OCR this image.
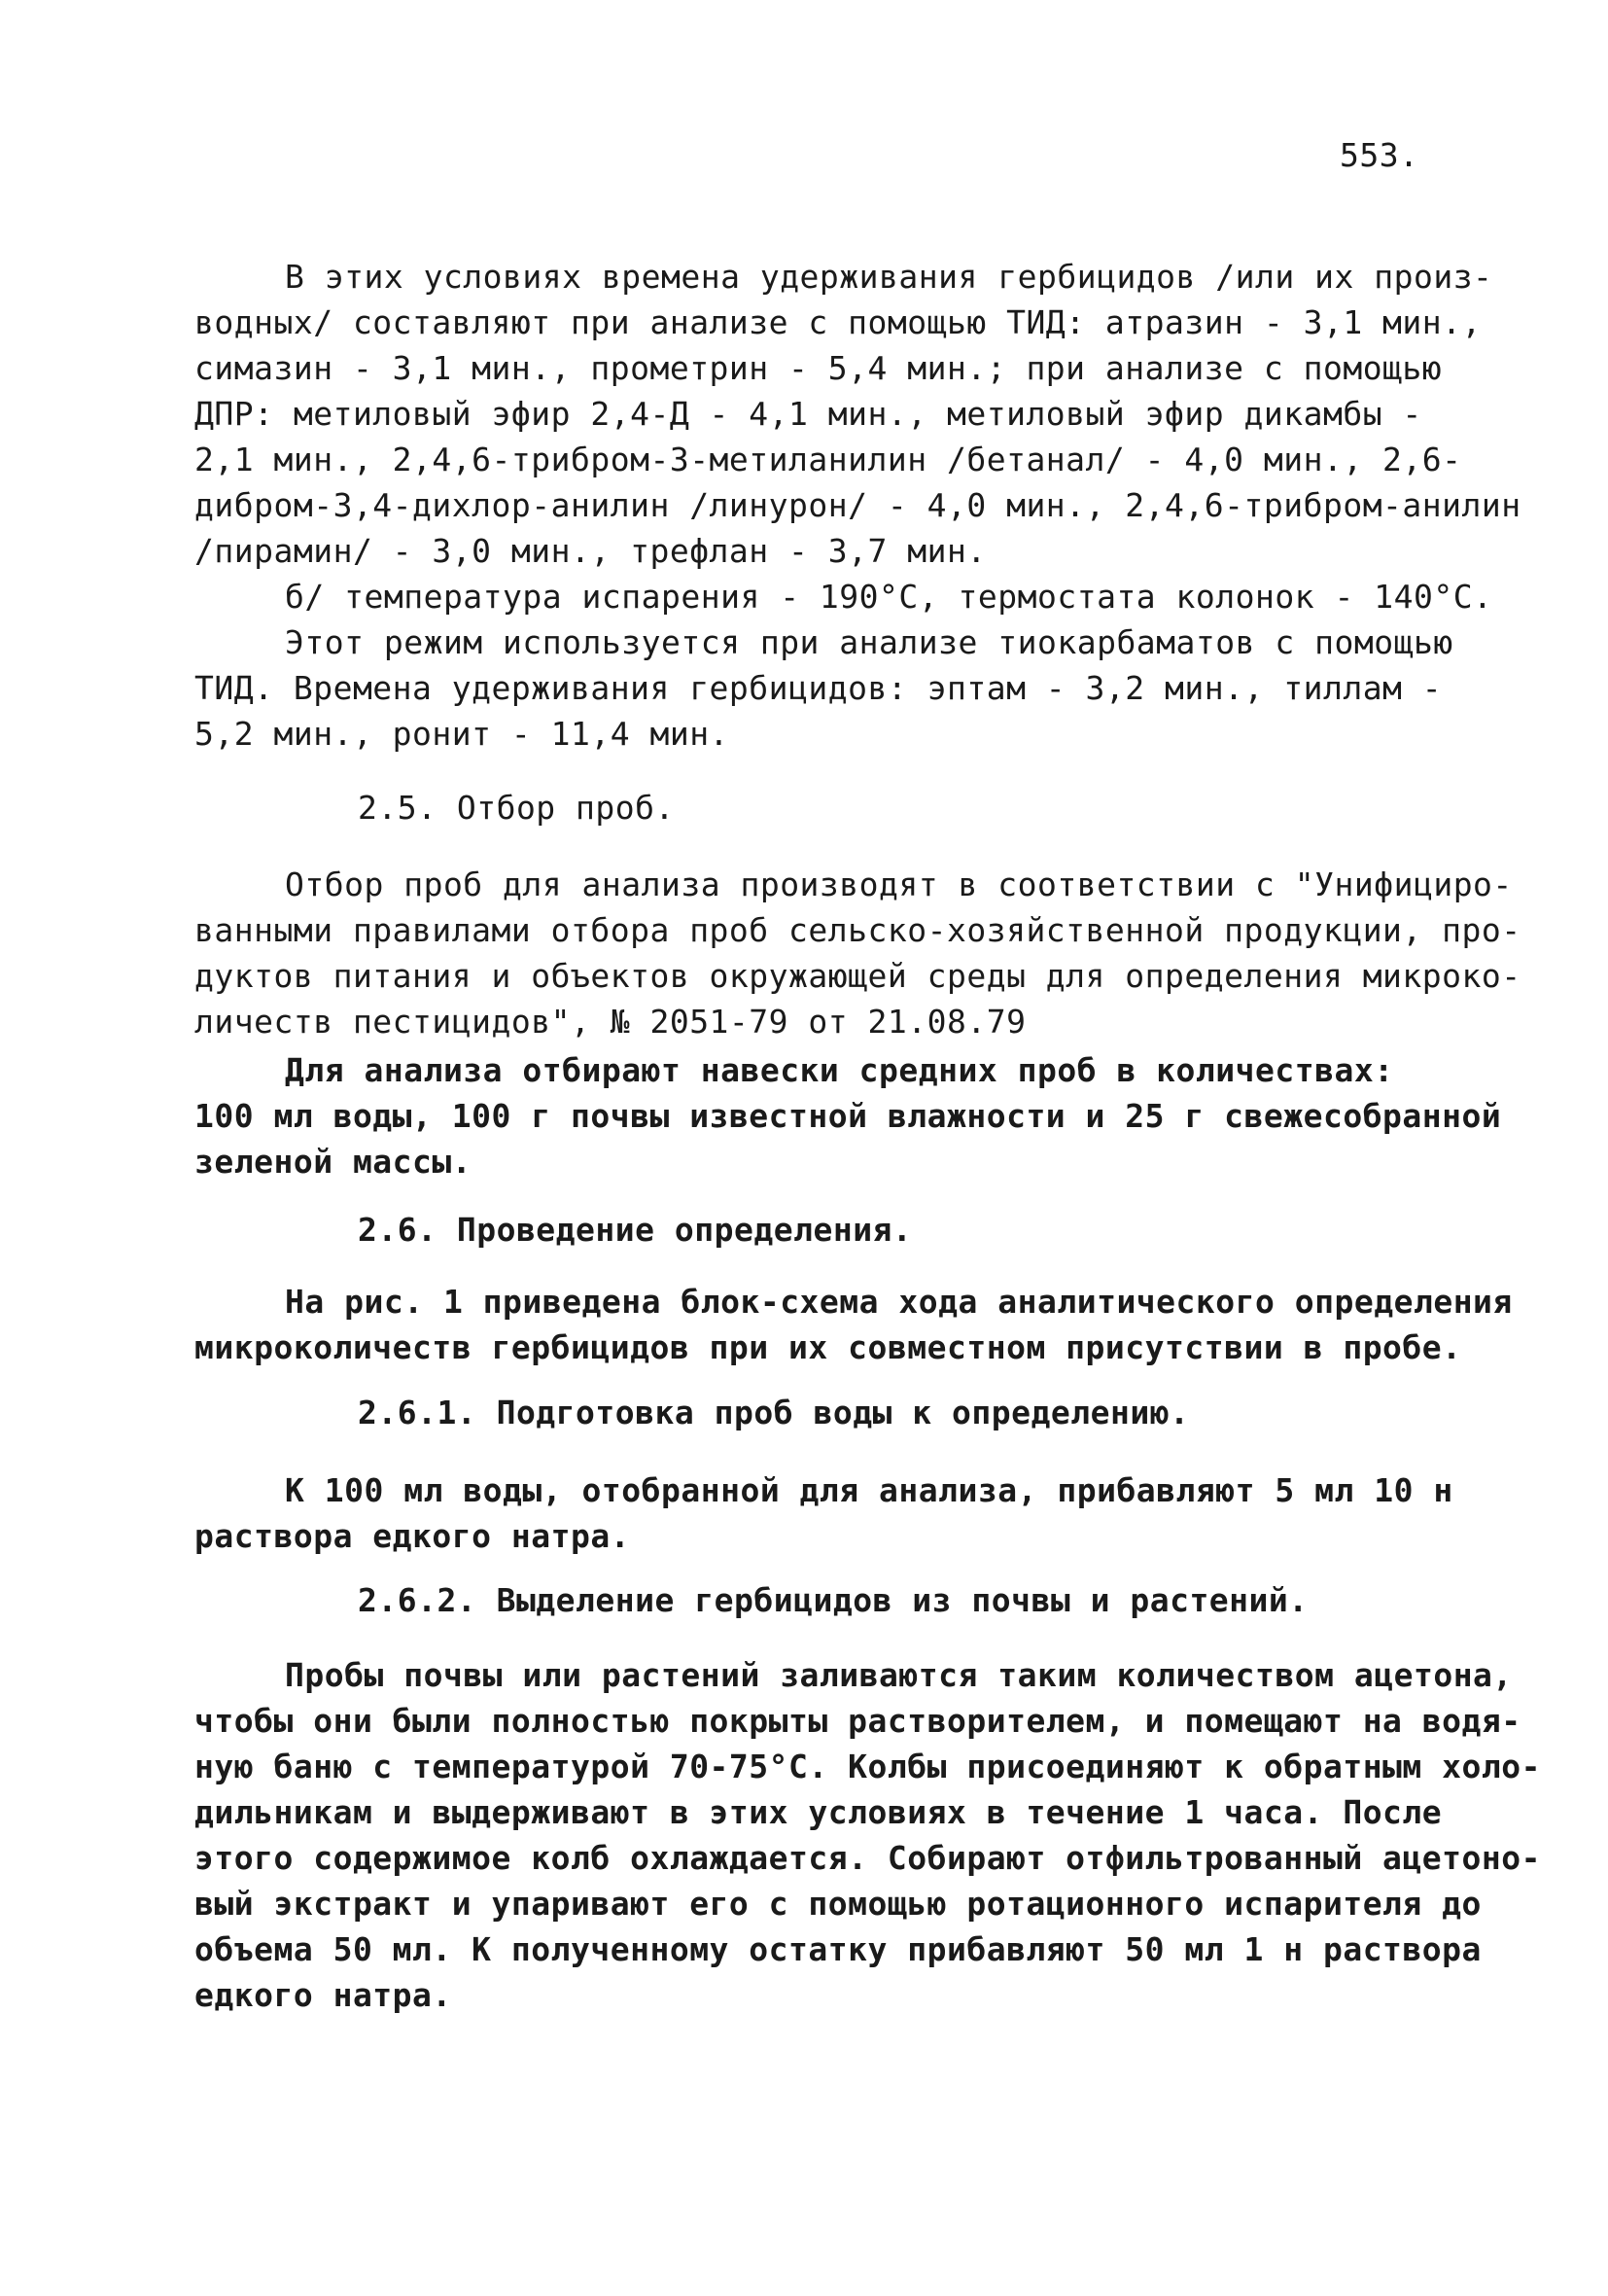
553.
В этих условиях времена удерживания гербицидов /или их произ-
водных/ составляют при анализе с помощью ТИД: атразин - 3,1 мин.,
симазин - 3,1 мин., прометрин - 5,4 мин.; при анализе с помощью
ДПР: метиловый эфир 2,4-Д - 4,1 мин., метиловый эфир дикамбы -
2,1 мин., 2,4,6-трибром-3-метиланилин /бетанал/ - 4,0 мин., 2,6-
дибром-3,4-дихлор-анилин /линурон/ - 4,0 мин., 2,4,6-трибром-анилин
/пирамин/ - 3,0 мин., трефлан - 3,7 мин.
б/ температура испарения - 190°С, термостата колонок - 140°С.
Этот режим используется при анализе тиокарбаматов с помощью
ТИД. Времена удерживания гербицидов: эптам - 3,2 мин., тиллам -
5,2 мин., ронит - 11,4 мин.
2.5. Отбор проб.
Отбор проб для анализа производят в соответствии с "Унифициро-
ванными правилами отбора проб сельско-хозяйственной продукции, про-
дуктов питания и объектов окружающей среды для определения микроко-
личеств пестицидов", № 2051-79 от 21.08.79
Для анализа отбирают навески средних проб в количествах:
100 мл воды, 100 г почвы известной влажности и 25 г свежесобранной
зеленой массы.
2.6. Проведение определения.
На рис. 1 приведена блок-схема хода аналитического определения
микроколичеств гербицидов при их совместном присутствии в пробе.
2.6.1. Подготовка проб воды к определению.
К 100 мл воды, отобранной для анализа, прибавляют 5 мл 10 н
раствора едкого натра.
2.6.2. Выделение гербицидов из почвы и растений.
Пробы почвы или растений заливаются таким количеством ацетона,
чтобы они были полностью покрыты растворителем, и помещают на водя-
ную баню с температурой 70-75°С. Колбы присоединяют к обратным холо-
дильникам и выдерживают в этих условиях в течение 1 часа. После
этого содержимое колб охлаждается. Собирают отфильтрованный ацетоно-
вый экстракт и упаривают его с помощью ротационного испарителя до
объема 50 мл. К полученному остатку прибавляют 50 мл 1 н раствора
едкого натра.
